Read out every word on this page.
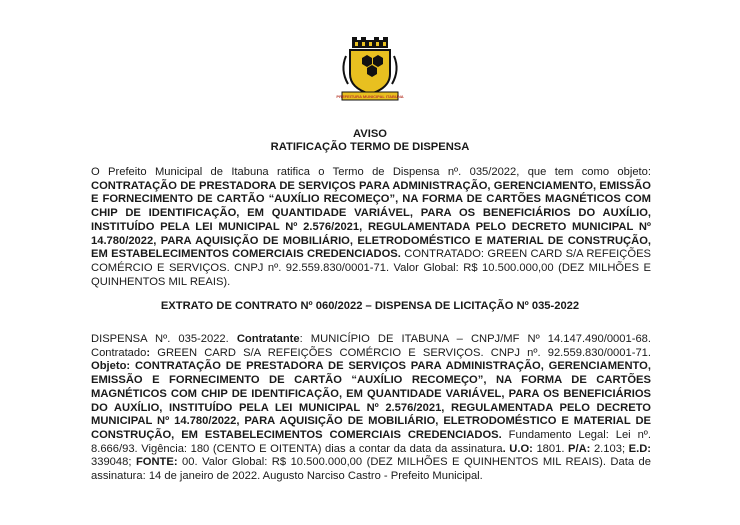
PREFEITURA MUNICIPAL ITABUNA
AVISO
RATIFICAÇÃO TERMO DE DISPENSA
O Prefeito Municipal de Itabuna ratifica o Termo de Dispensa nº. 035/2022, que tem como objeto: CONTRATAÇÃO DE PRESTADORA DE SERVIÇOS PARA ADMINISTRAÇÃO, GERENCIAMENTO, EMISSÃO E FORNECIMENTO DE CARTÃO “AUXÍLIO RECOMEÇO”, NA FORMA DE CARTÕES MAGNÉTICOS COM CHIP DE IDENTIFICAÇÃO, EM QUANTIDADE VARIÁVEL, PARA OS BENEFICIÁRIOS DO AUXÍLIO, INSTITUÍDO PELA LEI MUNICIPAL Nº 2.576/2021, REGULAMENTADA PELO DECRETO MUNICIPAL Nº 14.780/2022, PARA AQUISIÇÃO DE MOBILIÁRIO, ELETRODOMÉSTICO E MATERIAL DE CONSTRUÇÃO, EM ESTABELECIMENTOS COMERCIAIS CREDENCIADOS. CONTRATADO: GREEN CARD S/A REFEIÇÕES COMÉRCIO E SERVIÇOS. CNPJ nº. 92.559.830/0001-71. Valor Global: R$ 10.500.000,00 (DEZ MILHÕES E QUINHENTOS MIL REAIS).
EXTRATO DE CONTRATO Nº 060/2022 – DISPENSA DE LICITAÇÃO Nº 035-2022
DISPENSA Nº. 035-2022. Contratante: MUNICÍPIO DE ITABUNA – CNPJ/MF Nº 14.147.490/0001-68. Contratado: GREEN CARD S/A REFEIÇÕES COMÉRCIO E SERVIÇOS. CNPJ nº. 92.559.830/0001-71. Objeto: CONTRATAÇÃO DE PRESTADORA DE SERVIÇOS PARA ADMINISTRAÇÃO, GERENCIAMENTO, EMISSÃO E FORNECIMENTO DE CARTÃO “AUXÍLIO RECOMEÇO”, NA FORMA DE CARTÕES MAGNÉTICOS COM CHIP DE IDENTIFICAÇÃO, EM QUANTIDADE VARIÁVEL, PARA OS BENEFICIÁRIOS DO AUXÍLIO, INSTITUÍDO PELA LEI MUNICIPAL Nº 2.576/2021, REGULAMENTADA PELO DECRETO MUNICIPAL Nº 14.780/2022, PARA AQUISIÇÃO DE MOBILIÁRIO, ELETRODOMÉSTICO E MATERIAL DE CONSTRUÇÃO, EM ESTABELECIMENTOS COMERCIAIS CREDENCIADOS. Fundamento Legal: Lei nº. 8.666/93. Vigência: 180 (CENTO E OITENTA) dias a contar da data da assinatura. U.O: 1801. P/A: 2.103; E.D: 339048; FONTE: 00. Valor Global: R$ 10.500.000,00 (DEZ MILHÕES E QUINHENTOS MIL REAIS). Data de assinatura: 14 de janeiro de 2022. Augusto Narciso Castro - Prefeito Municipal.
